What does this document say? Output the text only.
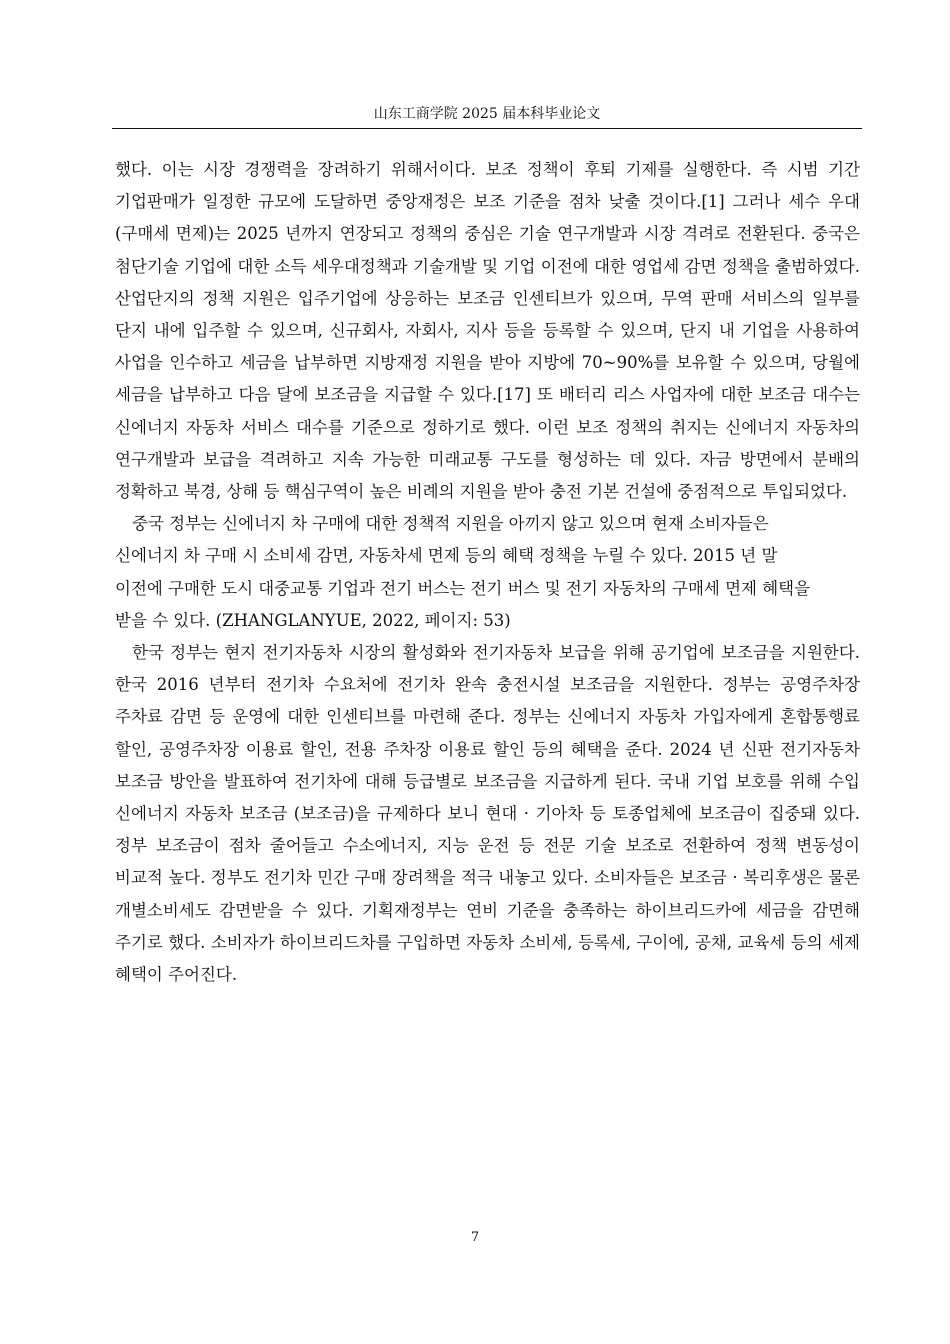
山东工商学院 2025 届本科毕业论文

했다. 이는 시장 경쟁력을 장려하기 위해서이다. 보조 정책이 후퇴 기제를 실행한다. 즉 시범 기간 기업판매가 일정한 규모에 도달하면 중앙재정은 보조 기준을 점차 낮출 것이다.[1] 그러나 세수 우대 (구매세 면제)는 2025 년까지 연장되고 정책의 중심은 기술 연구개발과 시장 격려로 전환된다. 중국은 첨단기술 기업에 대한 소득 세우대정책과 기술개발 및 기업 이전에 대한 영업세 감면 정책을 출범하였다. 산업단지의 정책 지원은 입주기업에 상응하는 보조금 인센티브가 있으며, 무역 판매 서비스의 일부를 단지 내에 입주할 수 있으며, 신규회사, 자회사, 지사 등을 등록할 수 있으며, 단지 내 기업을 사용하여 사업을 인수하고 세금을 납부하면 지방재정 지원을 받아 지방에 70~90%를 보유할 수 있으며, 당월에 세금을 납부하고 다음 달에 보조금을 지급할 수 있다.[17] 또 배터리 리스 사업자에 대한 보조금 대수는 신에너지 자동차 서비스 대수를 기준으로 정하기로 했다. 이런 보조 정책의 취지는 신에너지 자동차의 연구개발과 보급을 격려하고 지속 가능한 미래교통 구도를 형성하는 데 있다. 자금 방면에서 분배의 정확하고 북경, 상해 등 핵심구역이 높은 비례의 지원을 받아 충전 기본 건설에 중점적으로 투입되었다.

중국 정부는 신에너지 차 구매에 대한 정책적 지원을 아끼지 않고 있으며 현재 소비자들은 신에너지 차 구매 시 소비세 감면, 자동차세 면제 등의 혜택 정책을 누릴 수 있다. 2015 년 말 이전에 구매한 도시 대중교통 기업과 전기 버스는 전기 버스 및 전기 자동차의 구매세 면제 혜택을 받을 수 있다. (ZHANGLANYUE, 2022, 페이지: 53)

한국 정부는 현지 전기자동차 시장의 활성화와 전기자동차 보급을 위해 공기업에 보조금을 지원한다. 한국 2016 년부터 전기차 수요처에 전기차 완속 충전시설 보조금을 지원한다. 정부는 공영주차장 주차료 감면 등 운영에 대한 인센티브를 마련해 준다. 정부는 신에너지 자동차 가입자에게 혼합통행료 할인, 공영주차장 이용료 할인, 전용 주차장 이용료 할인 등의 혜택을 준다. 2024 년 신판 전기자동차 보조금 방안을 발표하여 전기차에 대해 등급별로 보조금을 지급하게 된다. 국내 기업 보호를 위해 수입 신에너지 자동차 보조금 (보조금)을 규제하다 보니 현대 · 기아차 등 토종업체에 보조금이 집중돼 있다. 정부 보조금이 점차 줄어들고 수소에너지, 지능 운전 등 전문 기술 보조로 전환하여 정책 변동성이 비교적 높다. 정부도 전기차 민간 구매 장려책을 적극 내놓고 있다. 소비자들은 보조금 · 복리후생은 물론 개별소비세도 감면받을 수 있다. 기획재정부는 연비 기준을 충족하는 하이브리드카에 세금을 감면해 주기로 했다. 소비자가 하이브리드차를 구입하면 자동차 소비세, 등록세, 구이에, 공채, 교육세 등의 세제 혜택이 주어진다.

7
